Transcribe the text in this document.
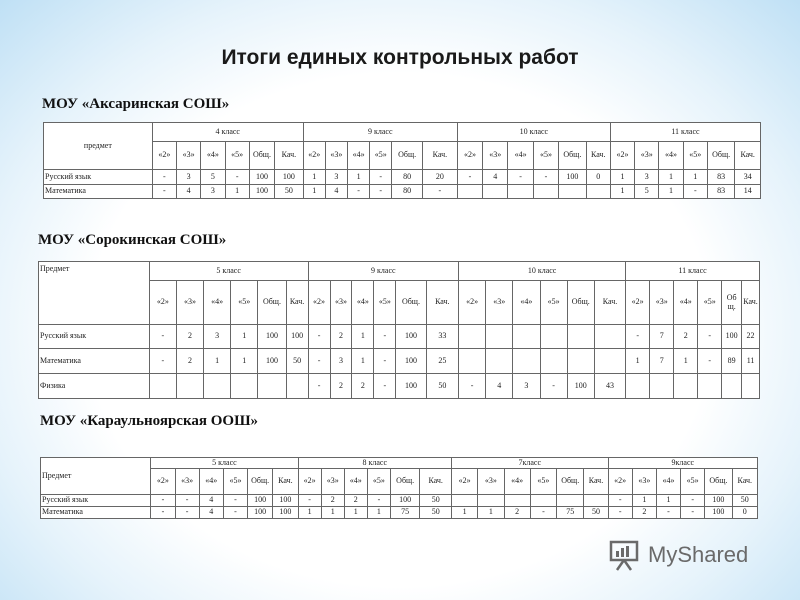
Итоги единых контрольных работ
МОУ «Аксаринская СОШ»
предмет	4 класс						9 класс						10 класс						11 класс					
	«2»	«3»	«4»	«5»	Общ.	Кач.	«2»	«3»	«4»	«5»	Общ.	Кач.	«2»	«3»	«4»	«5»	Общ.	Кач.	«2»	«3»	«4»	«5»	Общ.	Кач.
Русский язык	-	3	5	-	100	100	1	3	1	-	80	20	-	4	-	-	100	0	1	3	1	1	83	34
Математика	-	4	3	1	100	50	1	4	-	-	80	-							1	5	1	-	83	14
МОУ «Сорокинская СОШ»
Предмет	5 класс						9 класс						10 класс						11 класс					
	«2»	«3»	«4»	«5»	Общ.	Кач.	«2»	«3»	«4»	«5»	Общ.	Кач.	«2»	«3»	«4»	«5»	Общ.	Кач.	«2»	«3»	«4»	«5»	Общ.	Кач.
Русский язык	-	2	3	1	100	100	-	2	1	-	100	33							-	7	2	-	100	22
Математика	-	2	1	1	100	50	-	3	1	-	100	25							1	7	1	-	89	11
Физика							-	2	2	-	100	50	-	4	3	-	100	43						
МОУ «Караульноярская ООШ»
Предмет	5 класс						8 класс						7класс						9класс					
	«2»	«3»	«4»	«5»	Общ.	Кач.	«2»	«3»	«4»	«5»	Общ.	Кач.	«2»	«3»	«4»	«5»	Общ.	Кач.	«2»	«3»	«4»	«5»	Общ.	Кач.
Русский язык	-	-	4	-	100	100	-	2	2	-	100	50							-	1	1	-	100	50
Математика	-	-	4	-	100	100	1	1	1	1	75	50	1	1	2	-	75	50	-	2	-	-	100	0
MyShared
